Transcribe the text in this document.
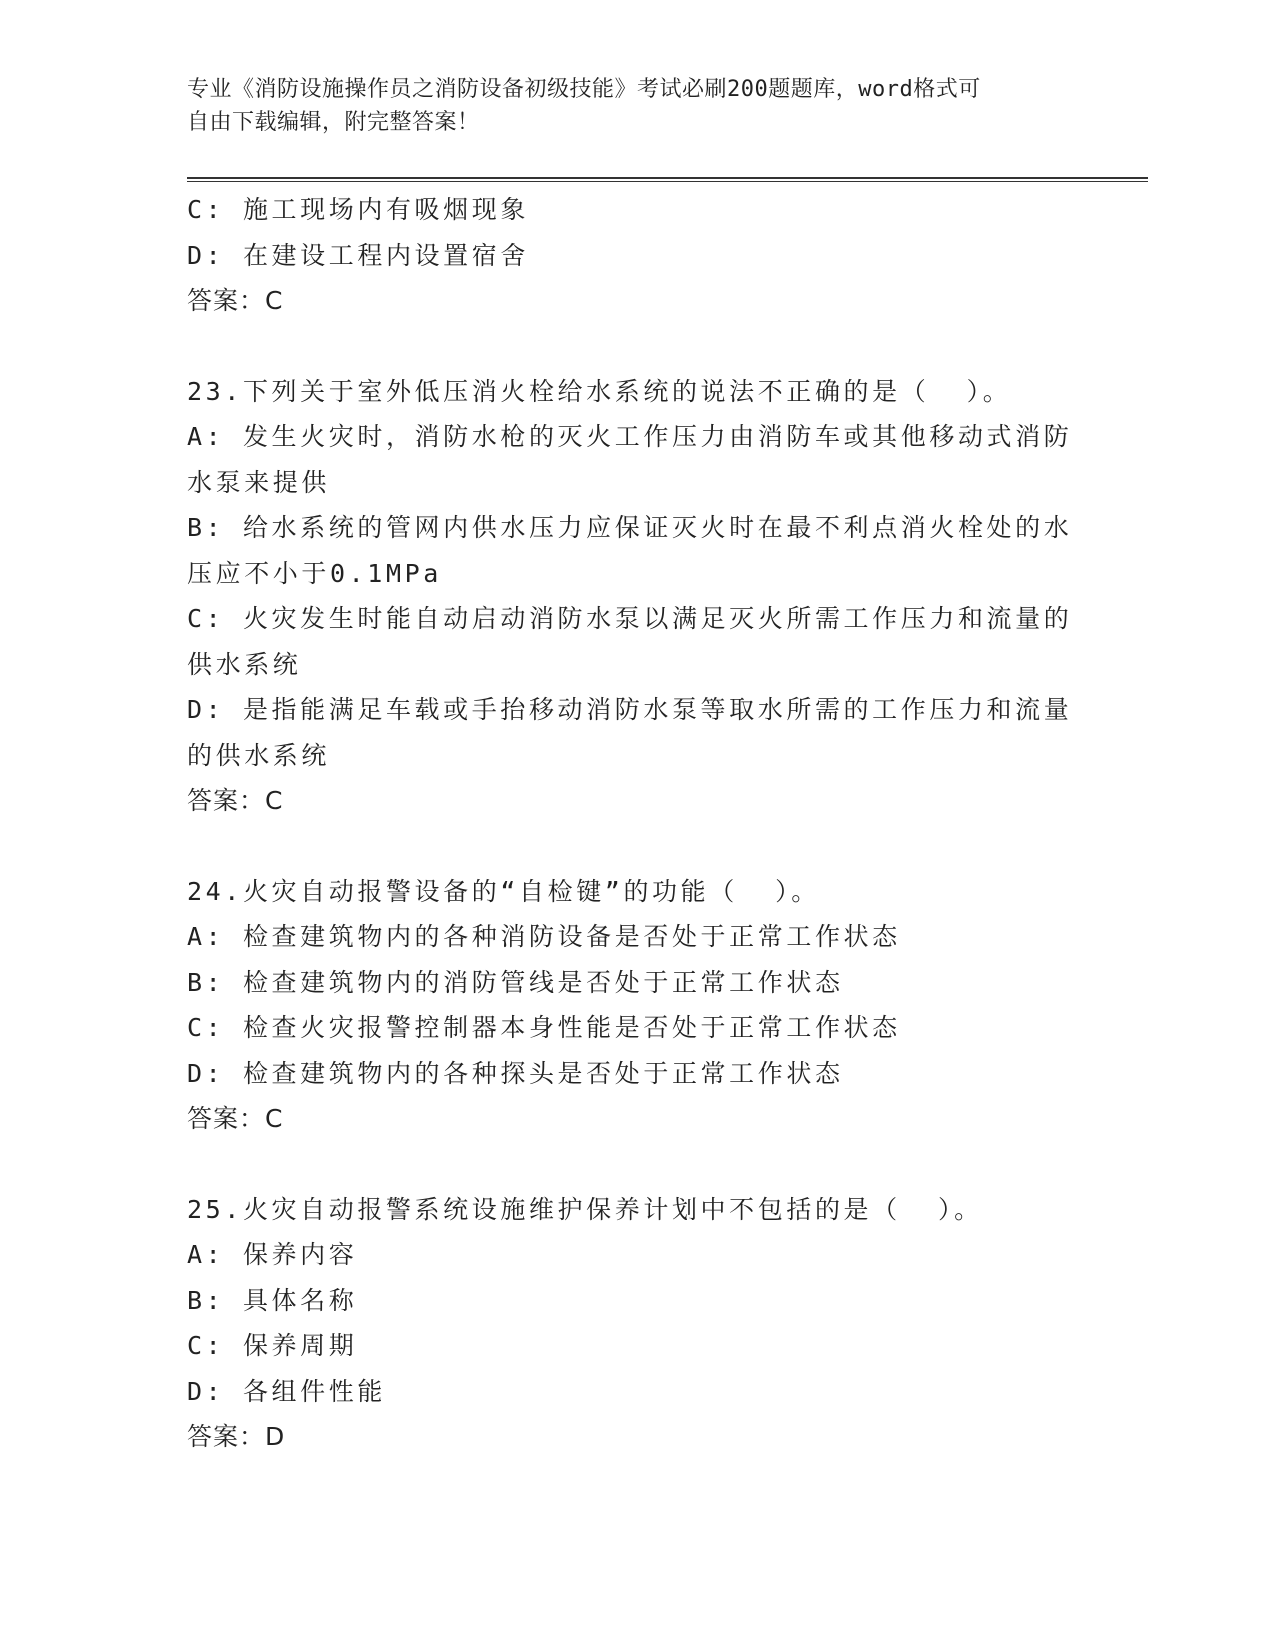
专业《消防设施操作员之消防设备初级技能》考试必刷200题题库，word格式可
自由下载编辑，附完整答案！
C: 施工现场内有吸烟现象
D: 在建设工程内设置宿舍
答案：C
23.下列关于室外低压消火栓给水系统的说法不正确的是（  ）。
A: 发生火灾时，消防水枪的灭火工作压力由消防车或其他移动式消防水泵来提供
B: 给水系统的管网内供水压力应保证灭火时在最不利点消火栓处的水压应不小于0.1MPa
C: 火灾发生时能自动启动消防水泵以满足灭火所需工作压力和流量的供水系统
D: 是指能满足车载或手抬移动消防水泵等取水所需的工作压力和流量的供水系统
答案：C
24.火灾自动报警设备的“自检键”的功能（  ）。
A: 检查建筑物内的各种消防设备是否处于正常工作状态
B: 检查建筑物内的消防管线是否处于正常工作状态
C: 检查火灾报警控制器本身性能是否处于正常工作状态
D: 检查建筑物内的各种探头是否处于正常工作状态
答案：C
25.火灾自动报警系统设施维护保养计划中不包括的是（  ）。
A: 保养内容
B: 具体名称
C: 保养周期
D: 各组件性能
答案：D
